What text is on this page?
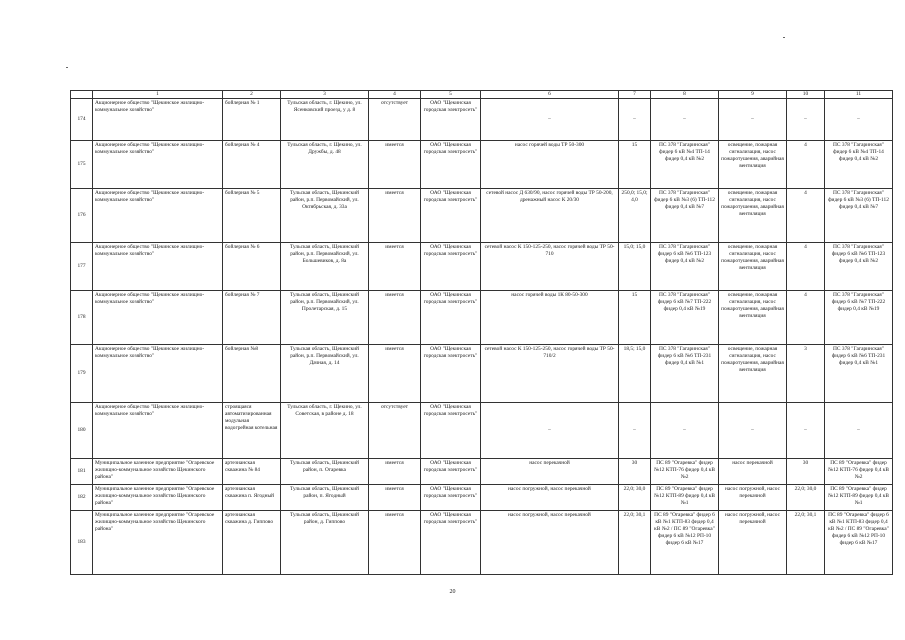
	1	2	3	4	5	6	7	8	9	10	11
174	Акционерное общество "Щекинское жилищно-коммунальное хозяйство"	бойлерная № 1	Тульская область, г. Щекино, ул. Ясенковский проезд, у д. 8	отсутствует	ОАО "Щекинская городская электросеть"	–	–	–	–	–	–
175	Акционерное общество "Щекинское жилищно-коммунальное хозяйство"	бойлерная № 4	Тульская область, г. Щекино, ул. Дружбы, д. 48	имеется	ОАО "Щекинская городская электросеть"	насос горячей воды ТР 50-300	15	ПС 378 "Гагаринская" фидер 6 кВ №4 ТП-14 фидер 0,4 кВ №2	освещение, пожарная сигнализация, насос пожаротушения, аварийная вентиляция	4	ПС 378 "Гагаринская" фидер 6 кВ №4 ТП-14 фидер 0,4 кВ №2
176	Акционерное общество "Щекинское жилищно-коммунальное хозяйство"	бойлерная № 5	Тульская область, Щекинский район, р.п. Первомайский, ул. Октябрьская, д. 33а	имеется	ОАО "Щекинская городская электросеть"	сетевой насос Д 630/90, насос горячей воды ТР 50-200, дренажный насос К 20/30	250,0; 15,0; 4,0	ПС 378 "Гагаринская" фидер 6 кВ №3 (6) ТП-112 фидер 0,4 кВ №7	освещение, пожарная сигнализация, насос пожаротушения, аварийная вентиляция	4	ПС 378 "Гагаринская" фидер 6 кВ №3 (6) ТП-112 фидер 0,4 кВ №7
177	Акционерное общество "Щекинское жилищно-коммунальное хозяйство"	бойлерная № 6	Тульская область, Щекинский район, р.п. Первомайский, ул. Большевиков, д. 8а	имеется	ОАО "Щекинская городская электросеть"	сетевой насос К 150-125-250, насос горячей воды ТР 50-710	15,0; 15,0	ПС 378 "Гагаринская" фидер 6 кВ №6 ТП-123 фидер 0,4 кВ №2	освещение, пожарная сигнализация, насос пожаротушения, аварийная вентиляция	4	ПС 378 "Гагаринская" фидер 6 кВ №6 ТП-123 фидер 0,4 кВ №2
178	Акционерное общество "Щекинское жилищно-коммунальное хозяйство"	бойлерная № 7	Тульская область, Щекинский район, р.п. Первомайский, ул. Пролетарская, д. 15	имеется	ОАО "Щекинская городская электросеть"	насос горячей воды 1К 80-50-300	15	ПС 378 "Гагаринская" фидер 6 кВ №7 ТП-222 фидер 0,4 кВ №19	освещение, пожарная сигнализация, насос пожаротушения, аварийная вентиляция	4	ПС 378 "Гагаринская" фидер 6 кВ №7 ТП-222 фидер 0,4 кВ №19
179	Акционерное общество "Щекинское жилищно-коммунальное хозяйство"	бойлерная №8	Тульская область, Щекинский район, р.п. Первомайский, ул. Дачная, д. 14	имеется	ОАО "Щекинская городская электросеть"	сетевой насос К 150-125-250, насос горячей воды ТР 50-710/2	18,5; 15,0	ПС 378 "Гагаринская" фидер 6 кВ №6 ТП-231 фидер 0,4 кВ №1	освещение, пожарная сигнализация, насос пожаротушения, аварийная вентиляция	3	ПС 378 "Гагаринская" фидер 6 кВ №6 ТП-231 фидер 0,4 кВ №1
180	Акционерное общество "Щекинское жилищно-коммунальное хозяйство"	строящаяся автоматизированная модульная водогрейная котельная	Тульская область, г. Щекино, ул. Советская, в районе д. 18	отсутствует	ОАО "Щекинская городская электросеть"	–	–	–	–	–	–
181	Муниципальное казенное предприятие "Огаревское жилищно-коммунальное хозяйство Щекинского района"	артезианская скважина № 84	Тульская область, Щекинский район, п. Огаревка	имеется	ОАО "Щекинская городская электросеть"	насос перекачной	30	ПС 89 "Огаревка" фидер №12 КТП-76 фидер 0,4 кВ №2	насос перекачной	30	ПС 89 "Огаревка" фидер №12 КТП-76 фидер 0,4 кВ №2
182	Муниципальное казенное предприятие "Огаревское жилищно-коммунальное хозяйство Щекинского района"	артезианская скважина п. Ягодный	Тульская область, Щекинский район, п. Ягодный	имеется	ОАО "Щекинская городская электросеть"	насос погружной, насос перекачной	22,0; 30,0	ПС 89 "Огаревка" фидер №12 КТП-89 фидер 0,4 кВ №1	насос погружной, насос перекачной	22,0; 30,0	ПС 89 "Огаревка" фидер №12 КТП-89 фидер 0,4 кВ №1
183	Муниципальное казенное предприятие "Огаревское жилищно-коммунальное хозяйство Щекинского района"	артезианская скважина д. Гиппово	Тульская область, Щекинский район, д. Гиппово	имеется	ОАО "Щекинская городская электросеть"	насос погружной, насос перекачной	22,0; 30,1	ПС 89 "Огаревка" фидер 6 кВ №1 КТП-83 фидер 0,4 кВ №2 / ПС 89 "Огаревка" фидер 6 кВ №12 РП-10 фидер 6 кВ №17	насос погружной, насос перекачной	22,0; 30,1	ПС 89 "Огаревка" фидер 6 кВ №1 КТП-83 фидер 0,4 кВ №2 / ПС 89 "Огаревка" фидер 6 кВ №12 РП-10 фидер 6 кВ №17
20
